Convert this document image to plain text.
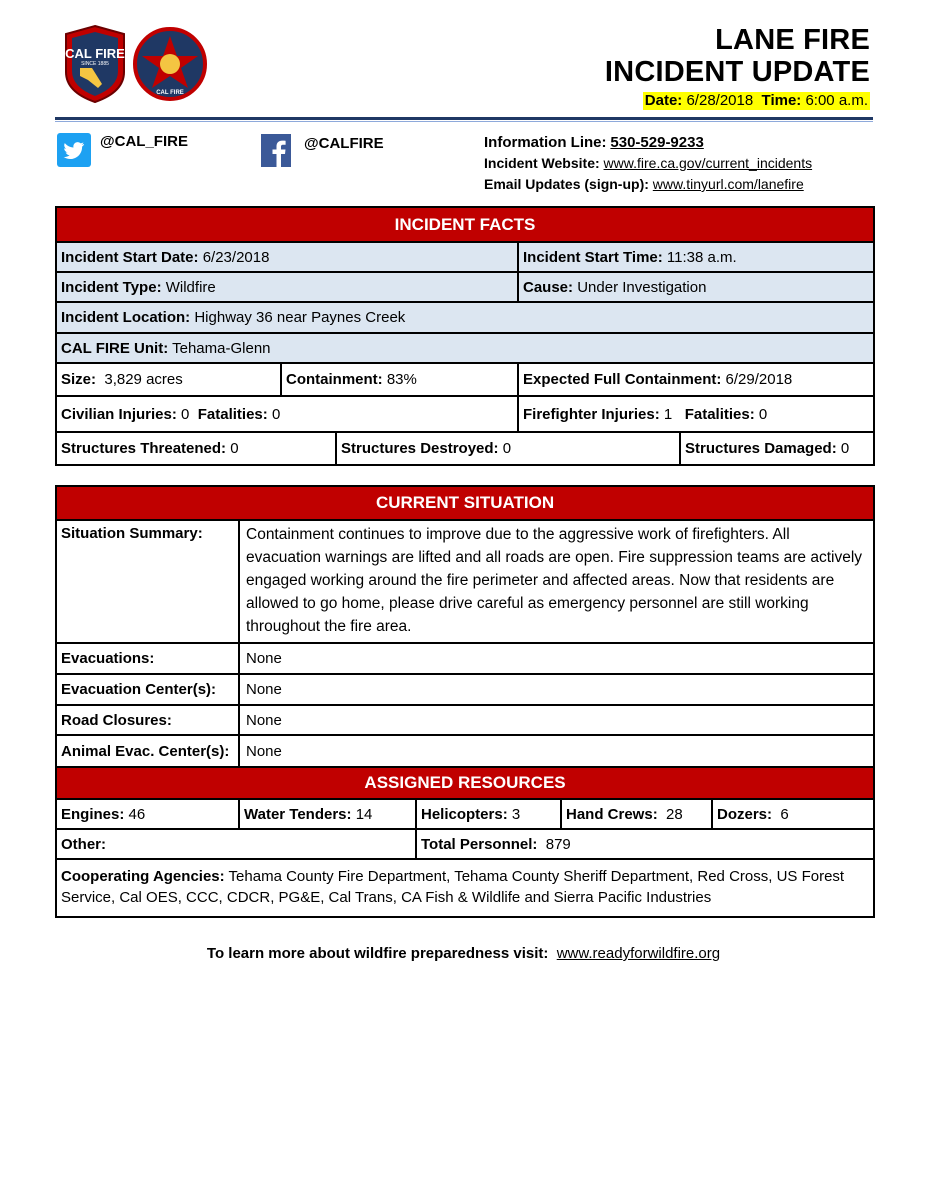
CAL FIRE
SINCE 1885
CAL FIRE
LANE FIRE
INCIDENT UPDATE
Date: 6/28/2018 Time: 6:00 a.m.
@CAL_FIRE	@CALFIRE	Information Line: 530-529-9233
Incident Website: www.fire.ca.gov/current_incidents
Email Updates (sign-up): www.tinyurl.com/lanefire
INCIDENT FACTS				
Incident Start Date: 6/23/2018			Incident Start Time: 11:38 a.m.	
Incident Type: Wildfire			Cause: Under Investigation	
Incident Location: Highway 36 near Paynes Creek				
CAL FIRE Unit: Tehama-Glenn				
Size: 3,829 acres	Containment: 83%		Expected Full Containment: 6/29/2018	
Civilian Injuries: 0 Fatalities: 0			Firefighter Injuries: 1 Fatalities: 0	
Structures Threatened: 0		Structures Destroyed: 0		Structures Damaged: 0
CURRENT SITUATION				
Situation Summary:	Containment continues to improve due to the aggressive work of firefighters. All evacuation warnings are lifted and all roads are open. Fire suppression teams are actively engaged working around the fire perimeter and affected areas. Now that residents are allowed to go home, please drive careful as emergency personnel are still working throughout the fire area.			
Evacuations:	None			
Evacuation Center(s):	None			
Road Closures:	None			
Animal Evac. Center(s):	None			
ASSIGNED RESOURCES				
Engines: 46	Water Tenders: 14	Helicopters: 3	Hand Crews: 28	Dozers: 6
Other:		Total Personnel: 879		
Cooperating Agencies: Tehama County Fire Department, Tehama County Sheriff Department, Red Cross, US Forest Service, Cal OES, CCC, CDCR, PG&E, Cal Trans, CA Fish & Wildlife and Sierra Pacific Industries				
To learn more about wildfire preparedness visit: www.readyforwildfire.org
